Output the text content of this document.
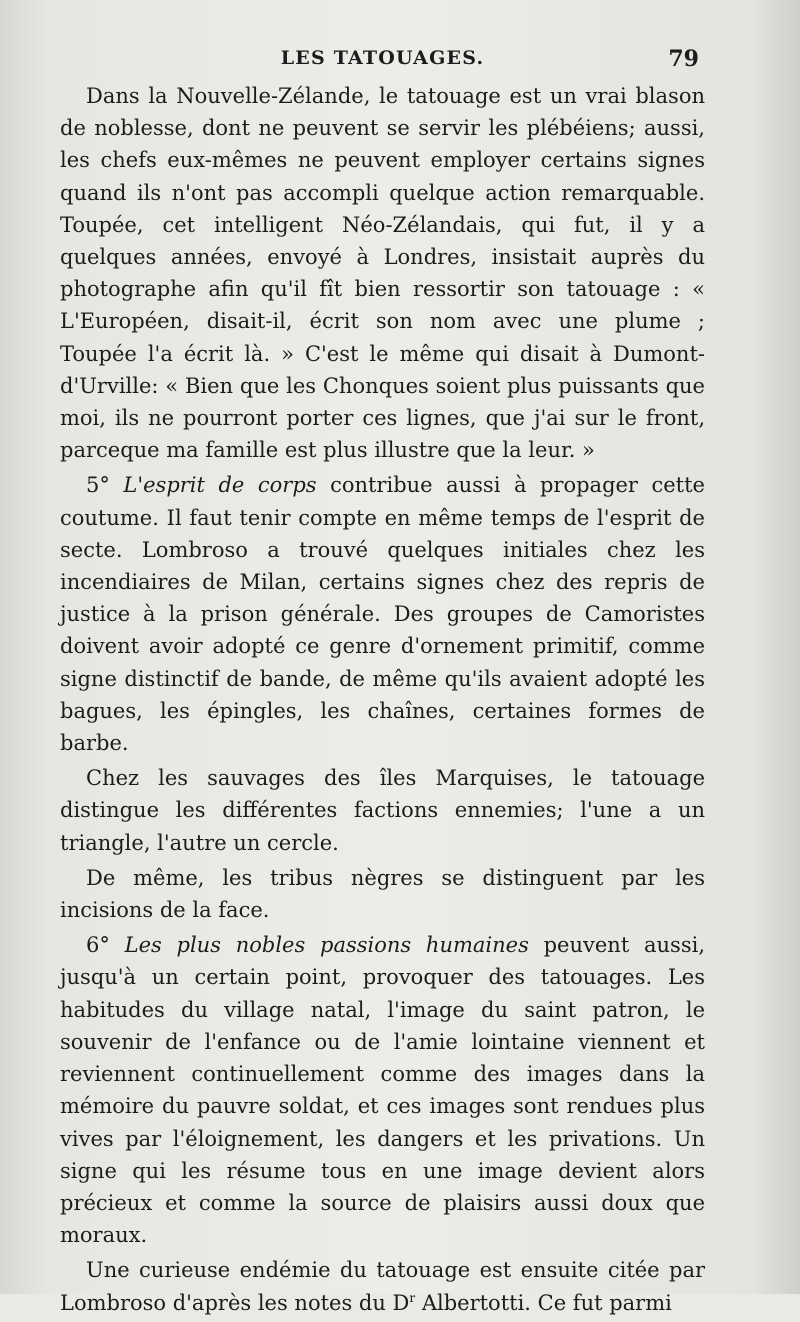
LES TATOUAGES.	79

Dans la Nouvelle-Zélande, le tatouage est un vrai blason de noblesse, dont ne peuvent se servir les plébéiens; aussi, les chefs eux-mêmes ne peuvent employer certains signes quand ils n'ont pas accompli quelque action remarquable. Toupée, cet intelligent Néo-Zélandais, qui fut, il y a quelques années, envoyé à Londres, insistait auprès du photographe afin qu'il fît bien ressortir son tatouage : « L'Européen, disait-il, écrit son nom avec une plume ; Toupée l'a écrit là. » C'est le même qui disait à Dumont-d'Urville: « Bien que les Chonques soient plus puissants que moi, ils ne pourront porter ces lignes, que j'ai sur le front, parceque ma famille est plus illustre que la leur. »

5° L'esprit de corps contribue aussi à propager cette coutume. Il faut tenir compte en même temps de l'esprit de secte. Lombroso a trouvé quelques initiales chez les incendiaires de Milan, certains signes chez des repris de justice à la prison générale. Des groupes de Camoristes doivent avoir adopté ce genre d'ornement primitif, comme signe distinctif de bande, de même qu'ils avaient adopté les bagues, les épingles, les chaînes, certaines formes de barbe.

Chez les sauvages des îles Marquises, le tatouage distingue les différentes factions ennemies; l'une a un triangle, l'autre un cercle.

De même, les tribus nègres se distinguent par les incisions de la face.

6° Les plus nobles passions humaines peuvent aussi, jusqu'à un certain point, provoquer des tatouages. Les habitudes du village natal, l'image du saint patron, le souvenir de l'enfance ou de l'amie lointaine viennent et reviennent continuellement comme des images dans la mémoire du pauvre soldat, et ces images sont rendues plus vives par l'éloignement, les dangers et les privations. Un signe qui les résume tous en une image devient alors précieux et comme la source de plaisirs aussi doux que moraux.

Une curieuse endémie du tatouage est ensuite citée par Lombroso d'après les notes du $D^r$ Albertotti. Ce fut parmi
